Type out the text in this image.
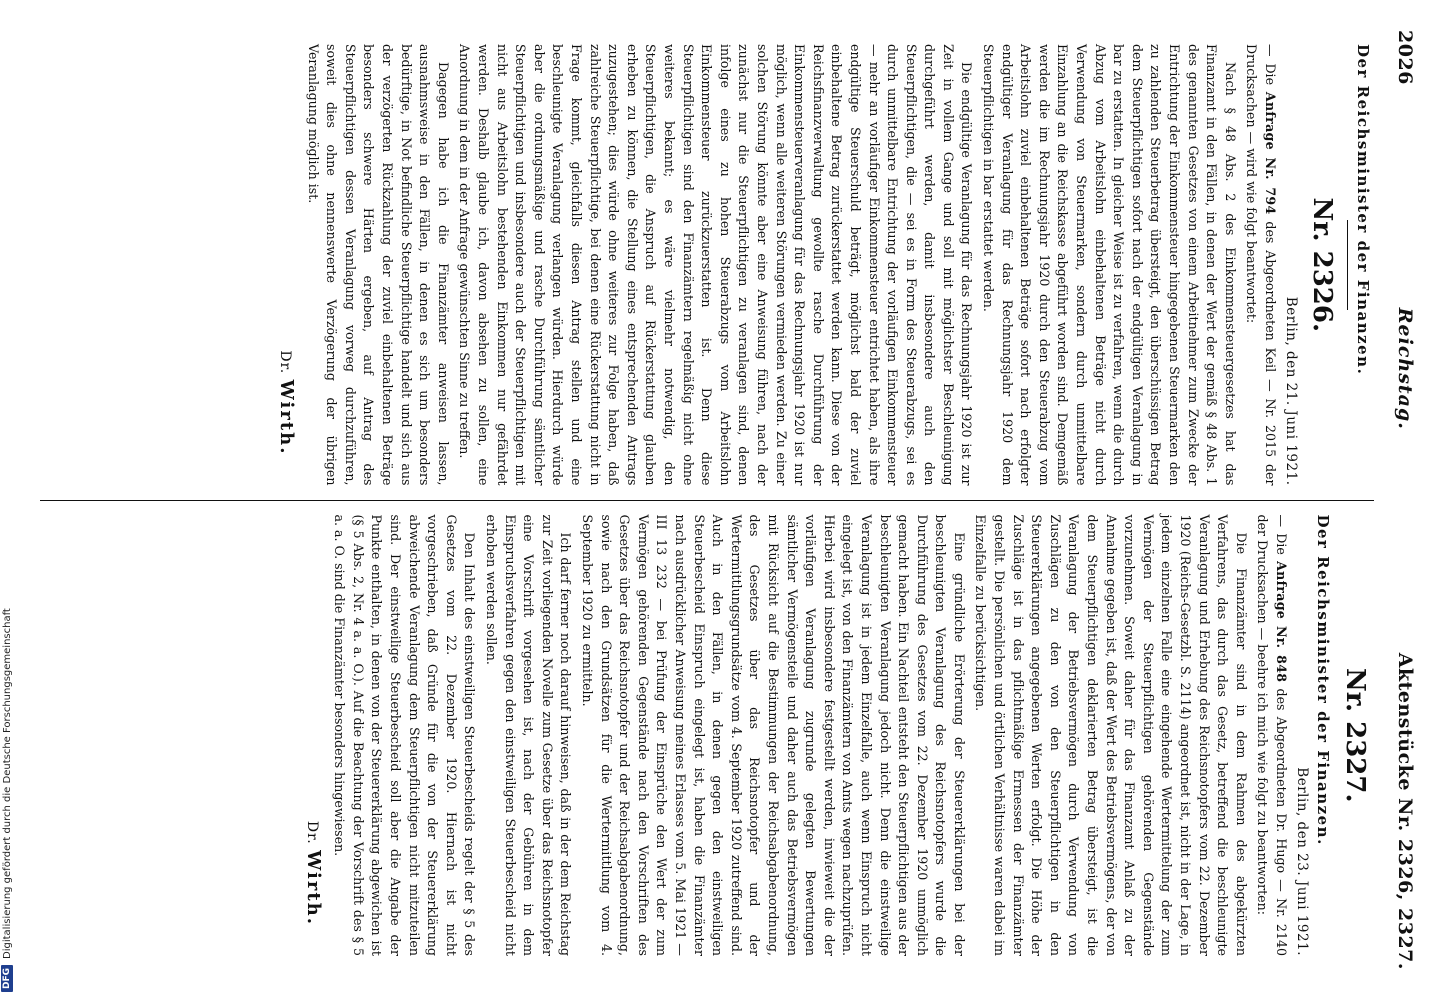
2026
Reichstag.
Aktenstücke Nr. 2326, 2327.
Der Reichsminister der Finanzen.
Nr. 2326.
Berlin, den 21. Juni 1921.

— Die Anfrage Nr. 794 des Abgeordneten Keil — Nr. 2015 der Drucksachen — wird wie folgt beantwortet:

Nach § 48 Abs. 2 des Einkommensteuergesetzes hat das Finanzamt in den Fällen, in denen der Wert der gemäß § 48 Abs. 1 des genannten Gesetzes von einem Arbeitnehmer zum Zwecke der Entrichtung der Einkommensteuer hingegebenen Steuermarken den zu zahlenden Steuerbetrag übersteigt, den überschüssigen Betrag dem Steuerpflichtigen sofort nach der endgültigen Veranlagung in bar zu erstatten. In gleicher Weise ist zu verfahren, wenn die durch Abzug vom Arbeitslohn einbehaltenen Beträge nicht durch Verwendung von Steuermarken, sondern durch unmittelbare Einzahlung an die Reichskasse abgeführt worden sind. Demgemäß werden die im Rechnungsjahr 1920 durch den Steuerabzug vom Arbeitslohn zuviel einbehaltenen Beträge sofort nach erfolgter endgültiger Veranlagung für das Rechnungsjahr 1920 dem Steuerpflichtigen in bar erstattet werden.

Die endgültige Veranlagung für das Rechnungsjahr 1920 ist zur Zeit in vollem Gange und soll mit möglichster Beschleunigung durchgeführt werden, damit insbesondere auch den Steuerpflichtigen, die — sei es in Form des Steuerabzugs, sei es durch unmittelbare Entrichtung der vorläufigen Einkommensteuer — mehr an vorläufiger Einkommensteuer entrichtet haben, als ihre endgültige Steuerschuld beträgt, möglichst bald der zuviel einbehaltene Betrag zurückerstattet werden kann. Diese von der Reichsfinanzverwaltung gewollte rasche Durchführung der Einkommensteuerveranlagung für das Rechnungsjahr 1920 ist nur möglich, wenn alle weiteren Störungen vermieden werden. Zu einer solchen Störung könnte aber eine Anweisung führen, nach der zunächst nur die Steuerpflichtigen zu veranlagen sind, denen infolge eines zu hohen Steuerabzugs vom Arbeitslohn Einkommensteuer zurückzuerstatten ist. Denn diese Steuerpflichtigen sind den Finanzämtern regelmäßig nicht ohne weiteres bekannt; es wäre vielmehr notwendig, den Steuerpflichtigen, die Anspruch auf Rückerstattung glauben erheben zu können, die Stellung eines entsprechenden Antrags zuzugestehen; dies würde ohne weiteres zur Folge haben, daß zahlreiche Steuerpflichtige, bei denen eine Rückerstattung nicht in Frage kommt, gleichfalls diesen Antrag stellen und eine beschleunigte Veranlagung verlangen würden. Hierdurch würde aber die ordnungsmäßige und rasche Durchführung sämtlicher Steuerpflichtigen und insbesondere auch der Steuerpflichtigen mit nicht aus Arbeitslohn bestehenden Einkommen nur gefährdet werden. Deshalb glaube ich, davon absehen zu sollen, eine Anordnung in dem in der Anfrage gewünschten Sinne zu treffen.

Dagegen habe ich die Finanzämter anweisen lassen, ausnahmsweise in den Fällen, in denen es sich um besonders bedürftige, in Not befindliche Steuerpflichtige handelt und sich aus der verzögerten Rückzahlung der zuviel einbehaltenen Beträge besonders schwere Härten ergeben, auf Antrag des Steuerpflichtigen dessen Veranlagung vorweg durchzuführen, soweit dies ohne nennenswerte Verzögerung der übrigen Veranlagung möglich ist.

Dr. Wirth.
Nr. 2327.
Der Reichsminister der Finanzen.
Berlin, den 23. Juni 1921.

— Die Anfrage Nr. 848 des Abgeordneten Dr. Hugo — Nr. 2140 der Drucksachen — beehre ich mich wie folgt zu beantworten:

Die Finanzämter sind in dem Rahmen des abgekürzten Verfahrens, das durch das Gesetz, betreffend die beschleunigte Veranlagung und Erhebung des Reichsnotopfers vom 22. Dezember 1920 (Reichs-Gesetzbl. S. 2114) angeordnet ist, nicht in der Lage, in jedem einzelnen Falle eine eingehende Wertermittelung der zum Vermögen der Steuerpflichtigen gehörenden Gegenstände vorzunehmen. Soweit daher für das Finanzamt Anlaß zu der Annahme gegeben ist, daß der Wert des Betriebsvermögens, der von dem Steuerpflichtigen deklarierten Betrag übersteigt, ist die Veranlagung der Betriebsvermögen durch Verwendung von Zuschlägen zu den von den Steuerpflichtigen in den Steuererklärungen angegebenen Werten erfolgt. Die Höhe der Zuschläge ist in das pflichtmäßige Ermessen der Finanzämter gestellt. Die persönlichen und örtlichen Verhältnisse waren dabei im Einzelfalle zu berücksichtigen.

Eine gründliche Erörterung der Steuererklärungen bei der beschleunigten Veranlagung des Reichsnotopfers wurde die Durchführung des Gesetzes vom 22. Dezember 1920 unmöglich gemacht haben. Ein Nachteil entsteht den Steuerpflichtigen aus der beschleunigten Veranlagung jedoch nicht. Denn die einstweilige Veranlagung ist in jedem Einzelfalle, auch wenn Einspruch nicht eingelegt ist, von den Finanzämtern von Amts wegen nachzuprüfen. Hierbei wird insbesondere festgestellt werden, inwieweit die der vorläufigen Veranlagung zugrunde gelegten Bewertungen sämtlicher Vermögensteile und daher auch das Betriebsvermögen mit Rücksicht auf die Bestimmungen der Reichsabgabenordnung, des Gesetzes über das Reichsnotopfer und der Wertermittlungsgrundsätze vom 4. September 1920 zutreffend sind. Auch in den Fällen, in denen gegen den einstweiligen Steuerbescheid Einspruch eingelegt ist, haben die Finanzämter nach ausdrücklicher Anweisung meines Erlasses vom 5. Mai 1921 — III 13 232 — bei Prüfung der Einsprüche den Wert der zum Vermögen gehörenden Gegenstände nach den Vorschriften des Gesetzes über das Reichsnotopfer und der Reichsabgabenordnung, sowie nach den Grundsätzen für die Wertermittlung vom 4. September 1920 zu ermitteln.

Ich darf ferner noch darauf hinweisen, daß in der dem Reichstag zur Zeit vorliegenden Novelle zum Gesetze über das Reichsnotopfer eine Vorschrift vorgesehen ist, nach der Gebühren in dem Einspruchsverfahren gegen den einstweiligen Steuerbescheid nicht erhoben werden sollen.

Den Inhalt des einstweiligen Steuerbescheids regelt der § 5 des Gesetzes vom 22. Dezember 1920. Hiernach ist nicht vorgeschrieben, daß Gründe für die von der Steuererklärung abweichende Veranlagung dem Steuerpflichtigen nicht mitzuteilen sind. Der einstweilige Steuerbescheid soll aber die Angabe der Punkte enthalten, in denen von der Steuererklärung abgewichen ist (§ 5 Abs. 2, Nr. 4 a. a. O.). Auf die Beachtung der Vorschrift des § 5 a. a. O. sind die Finanzämter besonders hingewiesen.

Dr. Wirth.
DFG
Digitalisierung gefördert durch die Deutsche Forschungsgemeinschaft
